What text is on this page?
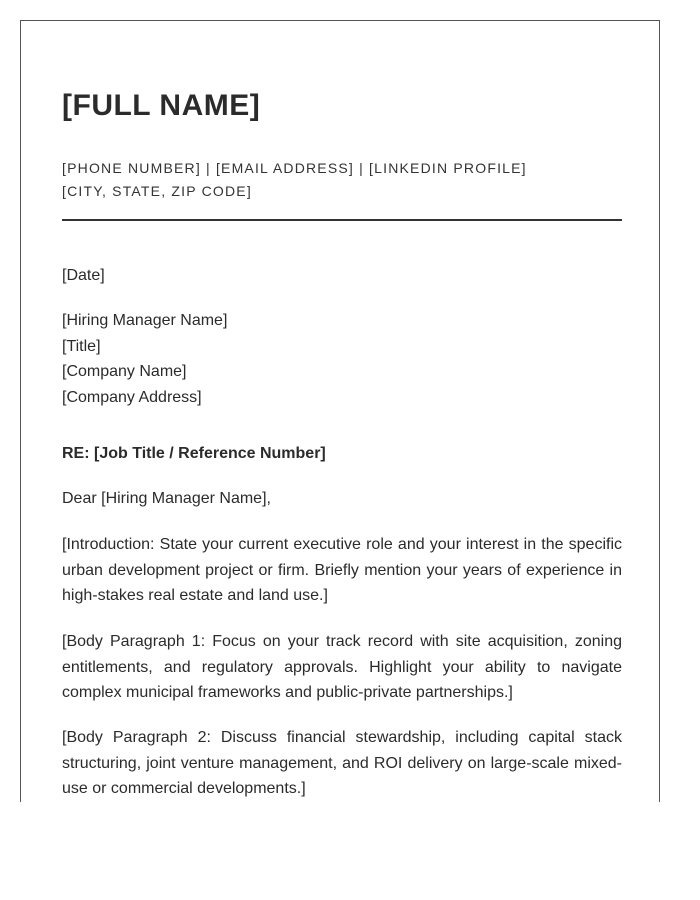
[FULL NAME]
[PHONE NUMBER] | [EMAIL ADDRESS] | [LINKEDIN PROFILE]
[CITY, STATE, ZIP CODE]
[Date]
[Hiring Manager Name]
[Title]
[Company Name]
[Company Address]
RE: [Job Title / Reference Number]
Dear [Hiring Manager Name],
[Introduction: State your current executive role and your interest in the specific urban development project or firm. Briefly mention your years of experience in high-stakes real estate and land use.]
[Body Paragraph 1: Focus on your track record with site acquisition, zoning entitlements, and regulatory approvals. Highlight your ability to navigate complex municipal frameworks and public-private partnerships.]
[Body Paragraph 2: Discuss financial stewardship, including capital stack structuring, joint venture management, and ROI delivery on large-scale mixed-use or commercial developments.]
